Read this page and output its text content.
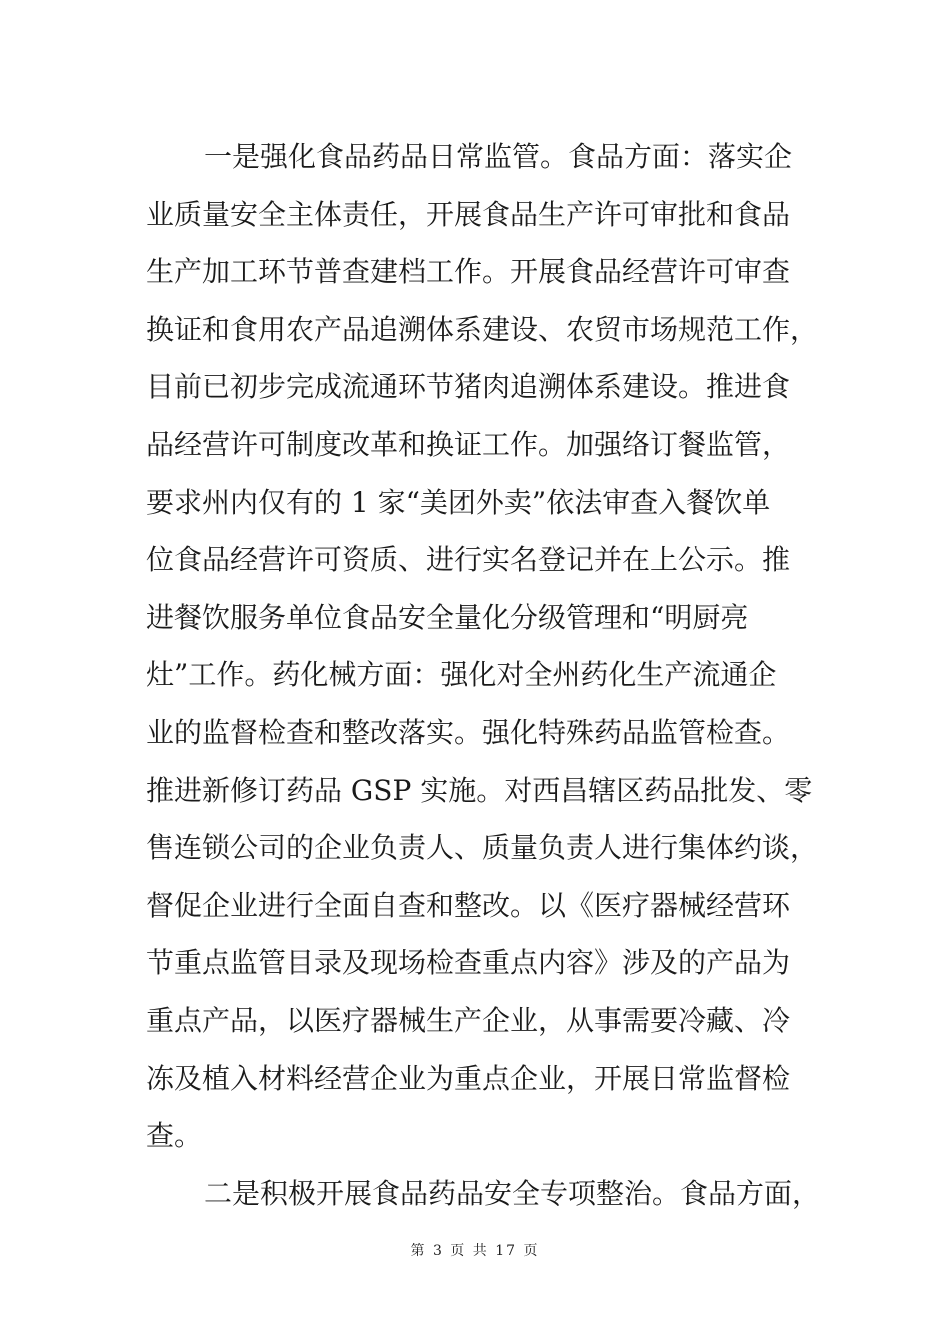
一是强化食品药品日常监管。食品方面：落实企
业质量安全主体责任，开展食品生产许可审批和食品
生产加工环节普查建档工作。开展食品经营许可审查
换证和食用农产品追溯体系建设、农贸市场规范工作，
目前已初步完成流通环节猪肉追溯体系建设。推进食
品经营许可制度改革和换证工作。加强络订餐监管，
要求州内仅有的 1 家“美团外卖”依法审查入餐饮单
位食品经营许可资质、进行实名登记并在上公示。推
进餐饮服务单位食品安全量化分级管理和“明厨亮
灶”工作。药化械方面：强化对全州药化生产流通企
业的监督检查和整改落实。强化特殊药品监管检查。
推进新修订药品 GSP 实施。对西昌辖区药品批发、零
售连锁公司的企业负责人、质量负责人进行集体约谈，
督促企业进行全面自查和整改。以《医疗器械经营环
节重点监管目录及现场检查重点内容》涉及的产品为
重点产品，以医疗器械生产企业，从事需要冷藏、冷
冻及植入材料经营企业为重点企业，开展日常监督检
查。
二是积极开展食品药品安全专项整治。食品方面，
第 3 页 共 17 页
